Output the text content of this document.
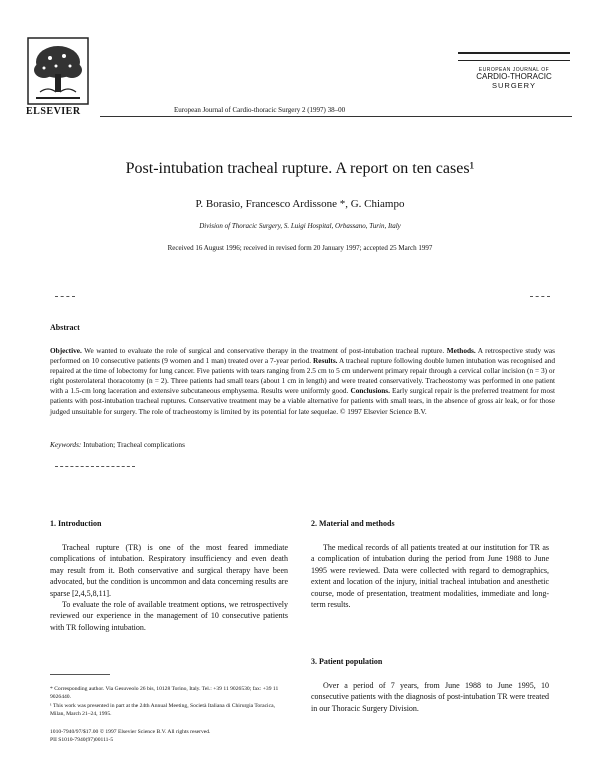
ELSEVIER	European Journal of Cardio-thoracic Surgery 2 (1997) 38–00
EUROPEAN JOURNAL OF
CARDIO-THORACIC
SURGERY
Post-intubation tracheal rupture. A report on ten cases¹
P. Borasio, Francesco Ardissone *, G. Chiampo
Division of Thoracic Surgery, S. Luigi Hospital, Orbassano, Turin, Italy
Received 16 August 1996; received in revised form 20 January 1997; accepted 25 March 1997
Abstract
Objective. We wanted to evaluate the role of surgical and conservative therapy in the treatment of post-intubation tracheal rupture. Methods. A retrospective study was performed on 10 consecutive patients (9 women and 1 man) treated over a 7-year period. Results. A tracheal rupture following double lumen intubation was recognised and repaired at the time of lobectomy for lung cancer. Five patients with tears ranging from 2.5 cm to 5 cm underwent primary repair through a cervical collar incision (n = 3) or right posterolateral thoracotomy (n = 2). Three patients had small tears (about 1 cm in length) and were treated conservatively. Tracheostomy was performed in one patient with a 1.5-cm long laceration and extensive subcutaneous emphysema. Results were uniformly good. Conclusions. Early surgical repair is the preferred treatment for most patients with post-intubation tracheal ruptures. Conservative treatment may be a viable alternative for patients with small tears, in the absence of gross air leak, or for those judged unsuitable for surgery. The role of tracheostomy is limited by its potential for late sequelae. © 1997 Elsevier Science B.V.
Keywords: Intubation; Tracheal complications
1. Introduction

Tracheal rupture (TR) is one of the most feared immediate complications of intubation. Respiratory insufficiency and even death may result from it. Both conservative and surgical therapy have been advocated, but the condition is uncommon and data concerning results are sparse [2,4,5,8,11].

To evaluate the role of available treatment options, we retrospectively reviewed our experience in the management of 10 consecutive patients with TR following intubation.

* Corresponding author. Via Gesuveolo 26 bis, 10128 Torino, Italy. Tel.: +39 11 9026530; fax: +39 11 9026440.
¹ This work was presented in part at the 24th Annual Meeting, Società Italiana di Chirurgia Toracica, Milan, March 21–24, 1995.
1010-7940/97/$17.00 © 1997 Elsevier Science B.V. All rights reserved.
PII S1010-7940(97)00111-5
2. Material and methods

The medical records of all patients treated at our institution for TR as a complication of intubation during the period from June 1988 to June 1995 were reviewed. Data were collected with regard to demographics, extent and location of the injury, initial tracheal intubation and anesthetic course, mode of presentation, treatment modalities, immediate and long-term results.

3. Patient population

Over a period of 7 years, from June 1988 to June 1995, 10 consecutive patients with the diagnosis of post-intubation TR were treated in our Thoracic Surgery Division.
